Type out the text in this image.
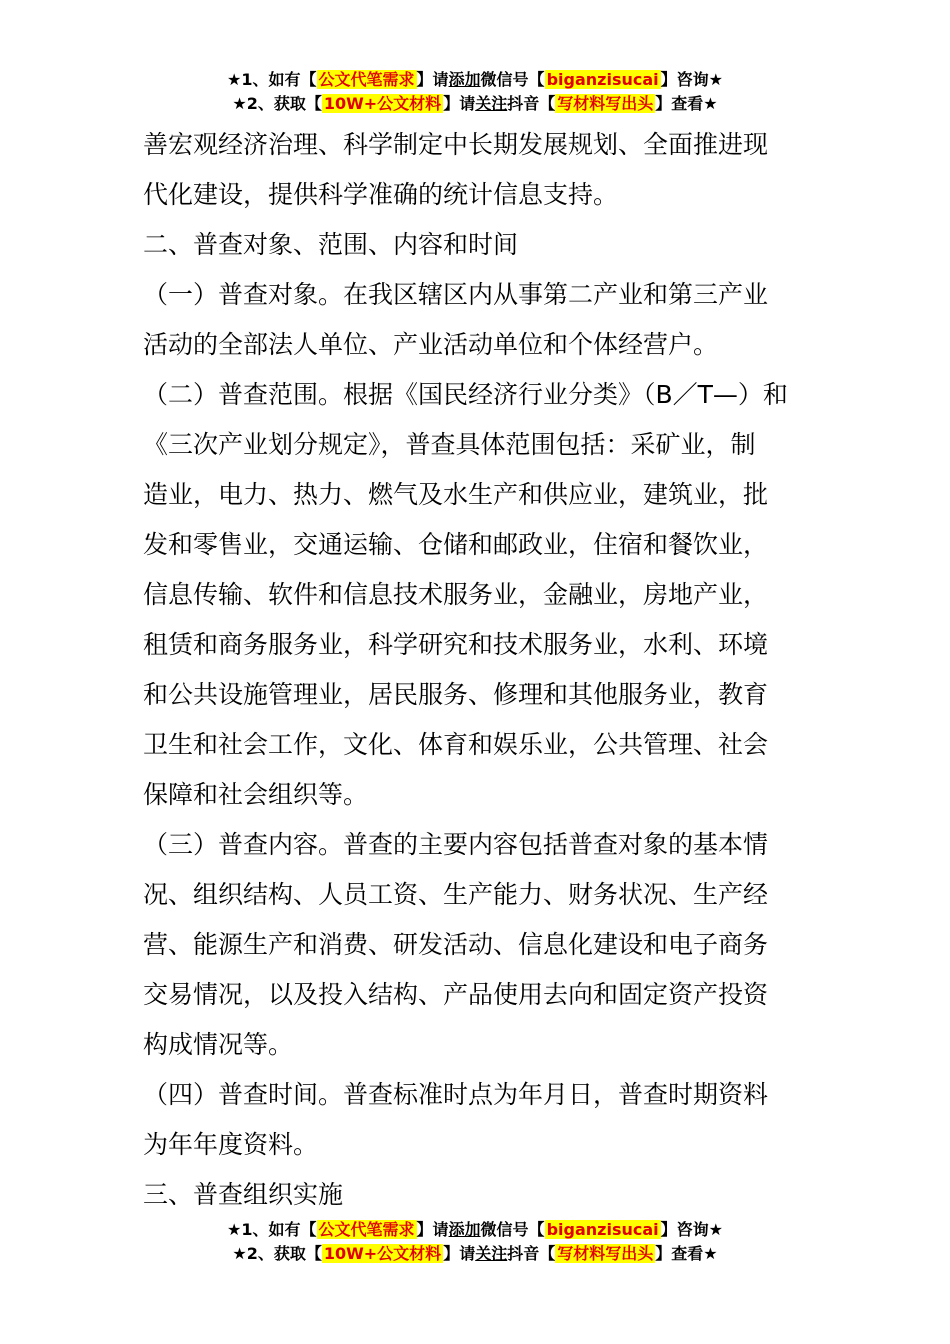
★1、如有【 公文代笔需求 】请添加微信号【 biganzisucai 】咨询★
★2、获取【 10W+公文材料 】请关注抖音【 写材料写出头 】查看★

善宏观经济治理、科学制定中长期发展规划、全面推进现

代化建设，提供科学准确的统计信息支持。

二、普查对象、范围、内容和时间

（一）普查对象。在我区辖区内从事第二产业和第三产业

活动的全部法人单位、产业活动单位和个体经营户。

（二）普查范围。根据《国民经济行业分类》（B／T—）和

《三次产业划分规定》，普查具体范围包括：采矿业，制

造业，电力、热力、燃气及水生产和供应业，建筑业，批

发和零售业，交通运输、仓储和邮政业，住宿和餐饮业，

信息传输、软件和信息技术服务业，金融业，房地产业，

租赁和商务服务业，科学研究和技术服务业，水利、环境

和公共设施管理业，居民服务、修理和其他服务业，教育

卫生和社会工作，文化、体育和娱乐业，公共管理、社会

保障和社会组织等。

（三）普查内容。普查的主要内容包括普查对象的基本情

况、组织结构、人员工资、生产能力、财务状况、生产经

营、能源生产和消费、研发活动、信息化建设和电子商务

交易情况，以及投入结构、产品使用去向和固定资产投资

构成情况等。

（四）普查时间。普查标准时点为年月日，普查时期资料

为年年度资料。

三、普查组织实施

★1、如有【 公文代笔需求 】请添加微信号【 biganzisucai 】咨询★
★2、获取【 10W+公文材料 】请关注抖音【 写材料写出头 】查看★
